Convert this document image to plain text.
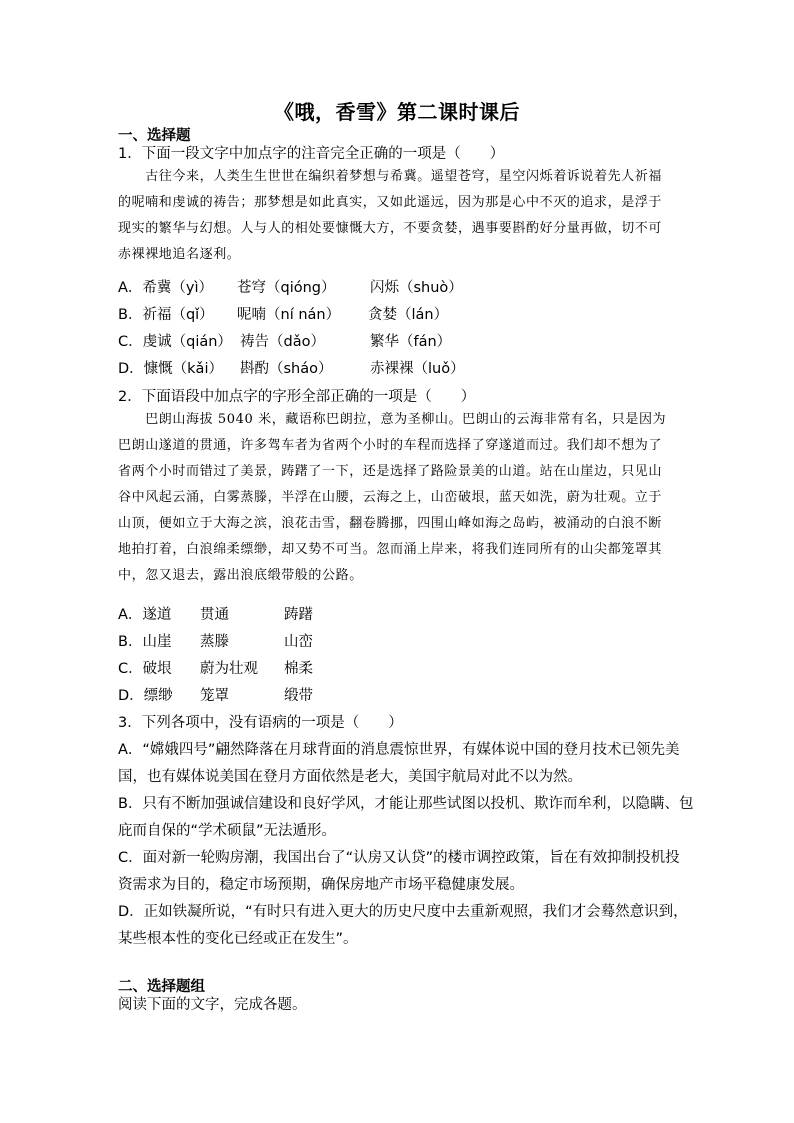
《哦，香雪》第二课时课后
一、选择题
1．下面一段文字中加点字的注音完全正确的一项是（　　）

　　古往今来，人类生生世世在编织着梦想与希冀。遥望苍穹，星空闪烁着诉说着先人祈福

的呢喃和虔诚的祷告；那梦想是如此真实，又如此遥远，因为那是心中不灭的追求，是浮于

现实的繁华与幻想。人与人的相处要慷慨大方，不要贪婪，遇事要斟酌好分量再做，切不可

赤裸裸地追名逐利。

A．希冀（yì） 苍穹（qióng） 闪烁（shuò）
B．祈福（qǐ） 呢喃（ní nán） 贪婪（lán）
C．虔诚（qián） 祷告（dǎo）	繁华（fán）
D．慷慨（kǎi） 斟酌（sháo）	赤裸裸（luǒ）
2．下面语段中加点字的字形全部正确的一项是（　　）

　　巴朗山海拔 5040 米，藏语称巴朗拉，意为圣柳山。巴朗山的云海非常有名，只是因为

巴朗山遂道的贯通，许多驾车者为省两个小时的车程而选择了穿遂道而过。我们却不想为了

省两个小时而错过了美景，踌躇了一下，还是选择了路险景美的山道。站在山崖边，只见山

谷中风起云涌，白雾蒸滕，半浮在山腰，云海之上，山峦破垠，蓝天如洗，蔚为壮观。立于

山顶，便如立于大海之滨，浪花击雪，翻卷腾挪，四围山峰如海之岛屿，被涌动的白浪不断

地拍打着，白浪绵柔缥缈，却又势不可当。忽而涌上岸来，将我们连同所有的山尖都笼罩其

中，忽又退去，露出浪底缎带般的公路。

A．遂道 贯通	踌躇
B．山崖 蒸滕	山峦
C．破垠 蔚为壮观 棉柔
D．缥缈 笼罩	缎带
3．下列各项中，没有语病的一项是（　　）

A．“嫦娥四号”翩然降落在月球背面的消息震惊世界，有媒体说中国的登月技术已领先美

国，也有媒体说美国在登月方面依然是老大，美国宇航局对此不以为然。

B．只有不断加强诚信建设和良好学风，才能让那些试图以投机、欺诈而牟利，以隐瞒、包

庇而自保的“学术硕鼠”无法遁形。

C．面对新一轮购房潮，我国出台了“认房又认贷”的楼市调控政策，旨在有效抑制投机投

资需求为目的，稳定市场预期，确保房地产市场平稳健康发展。

D．正如铁凝所说，“有时只有进入更大的历史尺度中去重新观照，我们才会蓦然意识到，

某些根本性的变化已经或正在发生”。

二、选择题组
阅读下面的文字，完成各题。
